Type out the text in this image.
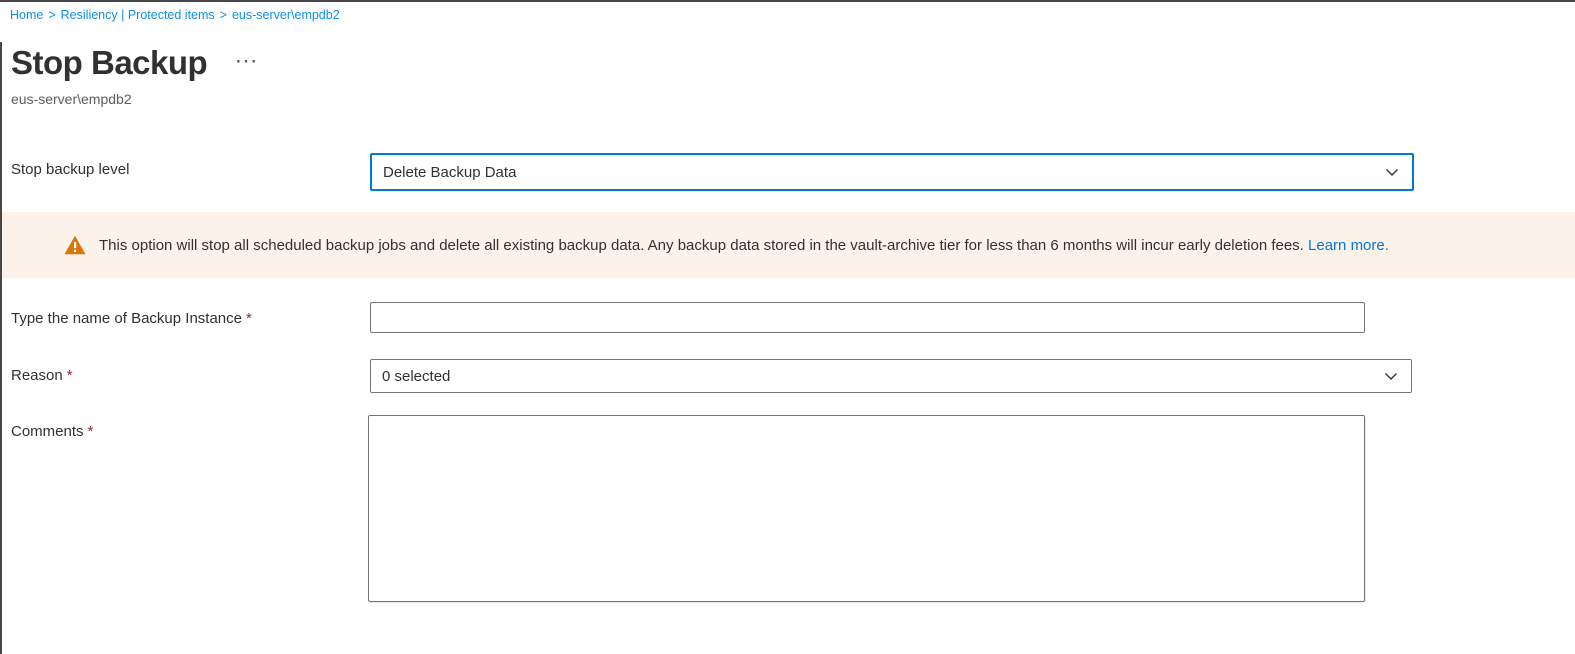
Home > Resiliency | Protected items > eus-server\empdb2
Stop Backup ···
eus-server\empdb2
Stop backup level	Delete Backup Data
This option will stop all scheduled backup jobs and delete all existing backup data. Any backup data stored in the vault-archive tier for less than 6 months will incur early deletion fees. Learn more.
Type the name of Backup Instance *
Reason *	0 selected
Comments *
